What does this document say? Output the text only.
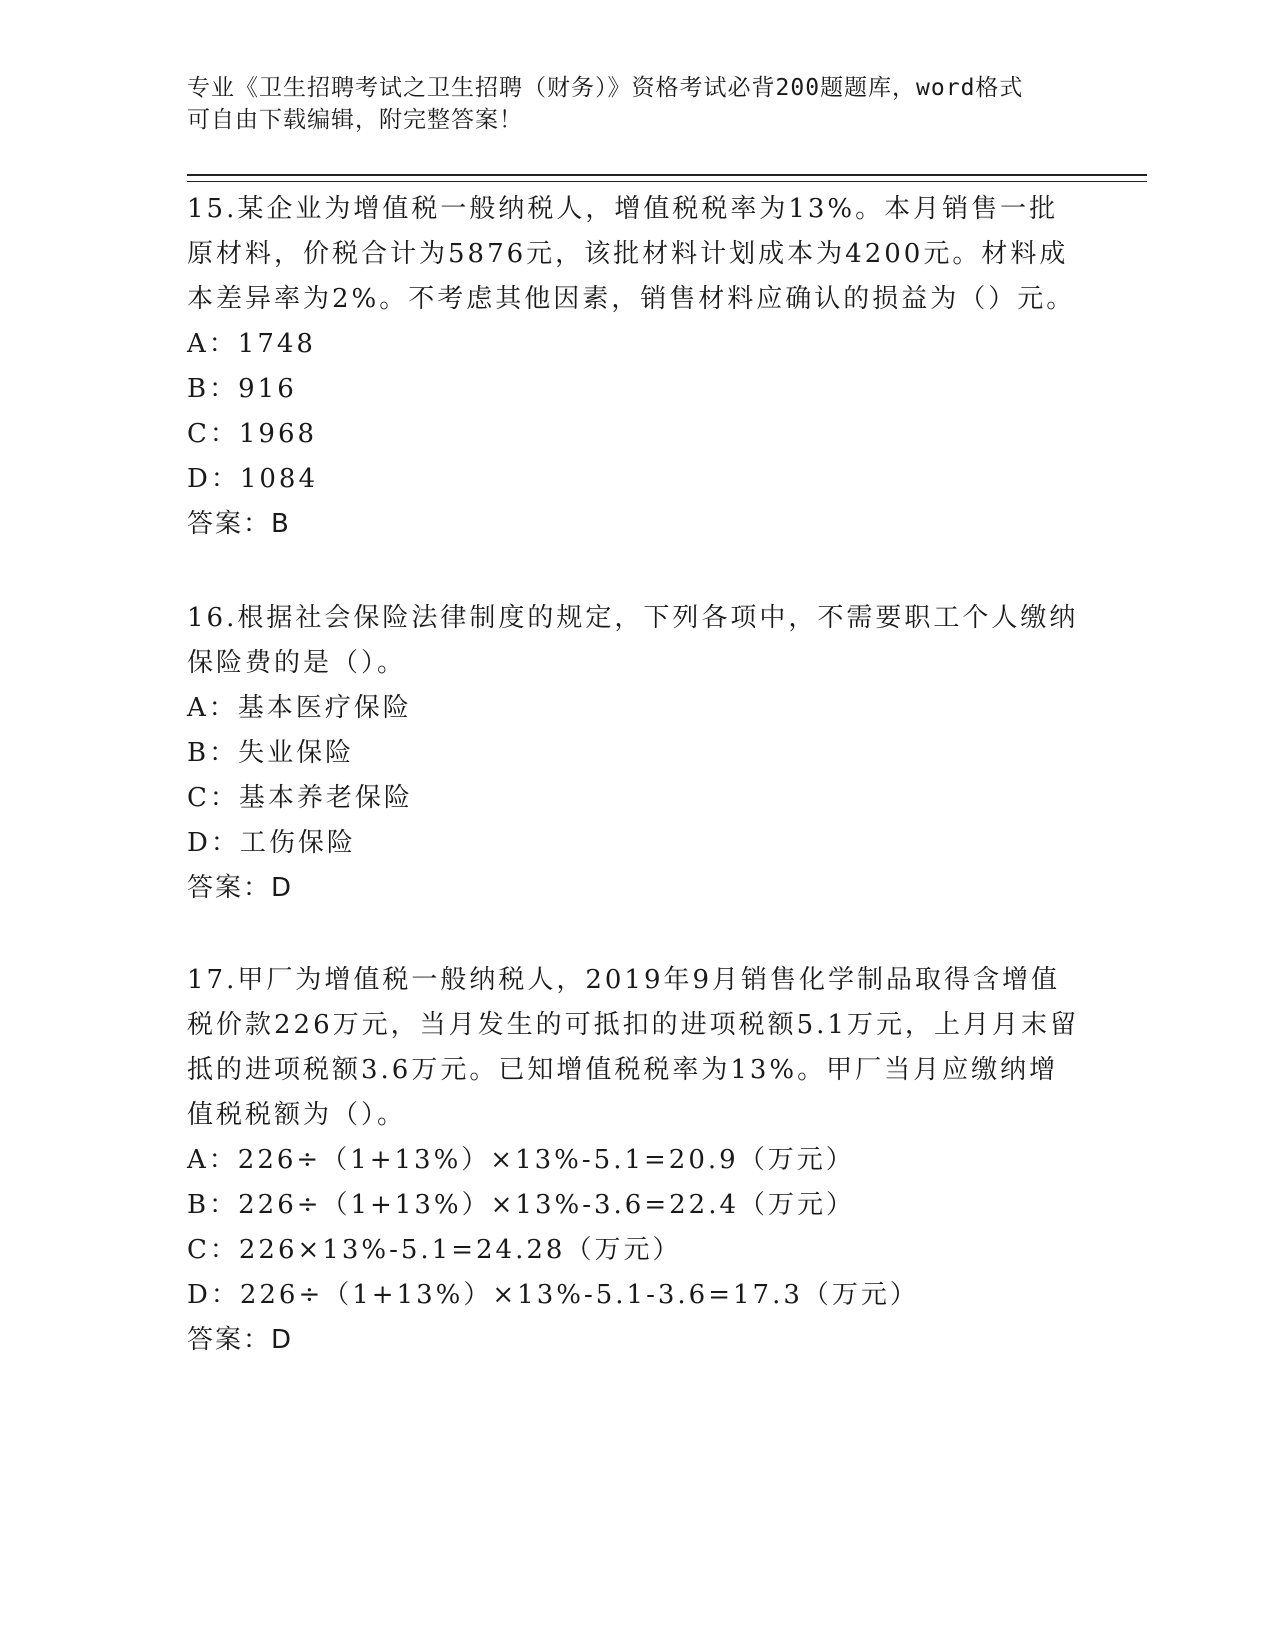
专业《卫生招聘考试之卫生招聘（财务）》资格考试必背200题题库，word格式
可自由下载编辑，附完整答案！

15.某企业为增值税一般纳税人，增值税税率为13%。本月销售一批原材料，价税合计为5876元，该批材料计划成本为4200元。材料成本差异率为2%。不考虑其他因素，销售材料应确认的损益为（）元。

A：1748

B：916

C：1968

D：1084

答案：B

16.根据社会保险法律制度的规定，下列各项中，不需要职工个人缴纳保险费的是（）。

A：基本医疗保险

B：失业保险

C：基本养老保险

D：工伤保险

答案：D

17.甲厂为增值税一般纳税人，2019年9月销售化学制品取得含增值税价款226万元，当月发生的可抵扣的进项税额5.1万元，上月月末留抵的进项税额3.6万元。已知增值税税率为13%。甲厂当月应缴纳增值税税额为（）。

A：226÷（1+13%）×13%-5.1=20.9（万元）

B：226÷（1+13%）×13%-3.6=22.4（万元）

C：226×13%-5.1=24.28（万元）

D：226÷（1+13%）×13%-5.1-3.6=17.3（万元）

答案：D
